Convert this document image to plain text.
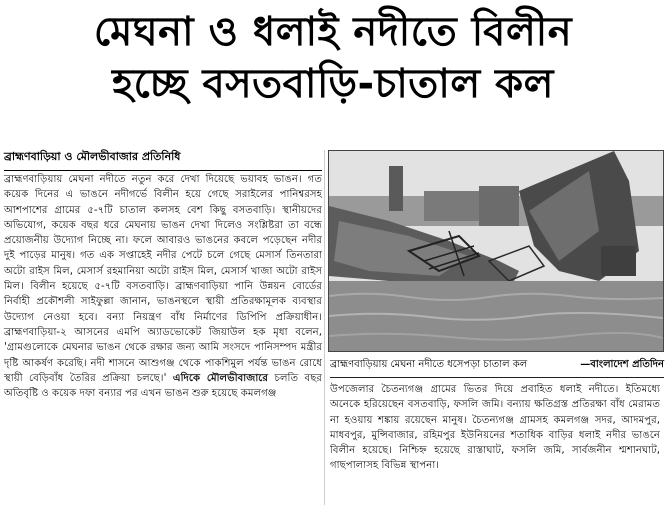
মেঘনা ও ধলাই নদীতে বিলীন
হচ্ছে বসতবাড়ি-চাতাল কল
ব্রাহ্মণবাড়িয়া ও মৌলভীবাজার প্রতিনিধি

ব্রাহ্মণবাড়িয়ায় মেঘনা নদীতে নতুন করে দেখা দিয়েছে ভয়াবহ ভাঙন। গত কয়েক দিনের এ ভাঙনে নদীগর্ভে বিলীন হয়ে গেছে সরাইলের পানিশ্বরসহ আশপাশের গ্রামের ৫-৭টি চাতাল কলসহ বেশ কিছু বসতবাড়ি। স্থানীয়দের অভিযোগ, কয়েক বছর ধরে মেঘনায় ভাঙন দেখা দিলেও সংশ্লিষ্টরা তা বন্ধে প্রয়োজনীয় উদ্যোগ নিচ্ছে না। ফলে আবারও ভাঙনের কবলে পড়েছেন নদীর দুই পাড়ের মানুষ। গত এক সপ্তাহেই নদীর পেটে চলে গেছে মেসার্স তিনতারা অটো রাইস মিল, মেসার্স রহমানিয়া অটো রাইস মিল, মেসার্স খাজা অটো রাইস মিল। বিলীন হয়েছে ৫-৭টি বসতবাড়ি। ব্রাহ্মণবাড়িয়া পানি উন্নয়ন বোর্ডের নির্বাহী প্রকৌশলী সাইফুল্লা জানান, ভাঙনস্থলে স্থায়ী প্রতিরক্ষামূলক ব্যবস্থার উদ্যোগ নেওয়া হবে। বন্যা নিয়ন্ত্রণ বাঁধ নির্মাণের ডিপিপি প্রক্রিয়াধীন। ব্রাহ্মণবাড়িয়া-২ আসনের এমপি অ্যাডভোকেট জিয়াউল হক মৃধা বলেন, 'গ্রামগুলোকে মেঘনার ভাঙন থেকে রক্ষার জন্য আমি সংসদে পানিসম্পদ মন্ত্রীর দৃষ্টি আকর্ষণ করেছি। নদী শাসনে আশুগঞ্জ থেকে পাকশিমুল পর্যন্ত ভাঙন রোধে স্থায়ী বেড়িবাঁধ তৈরির প্রক্রিয়া চলছে।' এদিকে মৌলভীবাজারে চলতি বছর অতিবৃষ্টি ও কয়েক দফা বন্যার পর এখন ভাঙন শুরু হয়েছে কমলগঞ্জ

ব্রাহ্মণবাড়িয়ায় মেঘনা নদীতে ধসেপড়া চাতাল কল	—বাংলাদেশ প্রতিদিন

উপজেলার চৈতন্যগঞ্জ গ্রামের ভিতর দিয়ে প্রবাহিত ধলাই নদীতে। ইতিমধ্যে অনেকে হরিয়েছেন বসতবাড়ি, ফসলি জমি। বন্যায় ক্ষতিগ্রস্ত প্রতিরক্ষা বাঁধ মেরামত না হওয়ায় শঙ্কায় রয়েছেন মানুষ। চৈতন্যগঞ্জ গ্রামসহ কমলগঞ্জ সদর, আদমপুর, মাধবপুর, মুন্সিবাজার, রহিমপুর ইউনিয়নের শতাধিক বাড়ির ধলাই নদীর ভাঙনে বিলীন হয়েছে। নিশ্চিহ্ন হয়েছে রাস্তাঘাট, ফসলি জমি, সার্বজনীন শ্মশানঘাট, গাছপালাসহ বিভিন্ন স্থাপনা।
